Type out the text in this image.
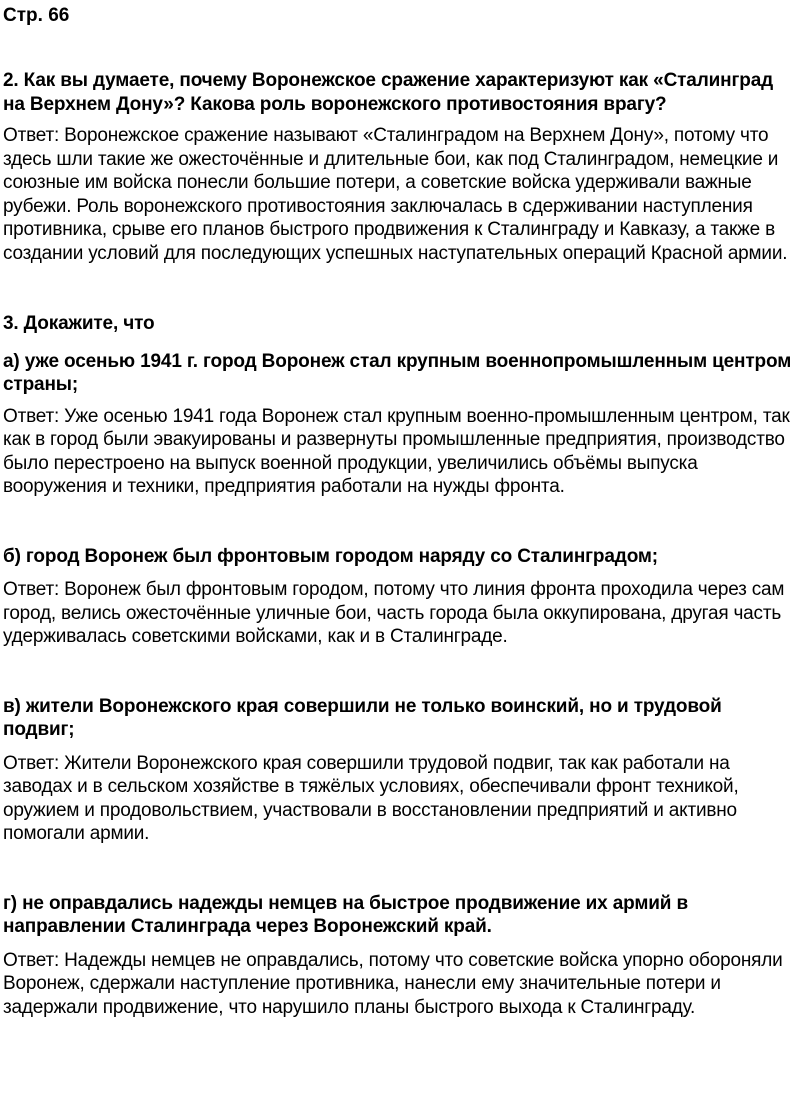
Стр. 66

2. Как вы думаете, почему Воронежское сражение характеризуют как «Сталинград на Верхнем Дону»? Какова роль воронежского противостояния врагу?

Ответ: Воронежское сражение называют «Сталинградом на Верхнем Дону», потому что здесь шли такие же ожесточённые и длительные бои, как под Сталинградом, немецкие и союзные им войска понесли большие потери, а советские войска удерживали важные рубежи. Роль воронежского противостояния заключалась в сдерживании наступления противника, срыве его планов быстрого продвижения к Сталинграду и Кавказу, а также в создании условий для последующих успешных наступательных операций Красной армии.

3. Докажите, что

а) уже осенью 1941 г. город Воронеж стал крупным военнопромышленным центром страны;

Ответ: Уже осенью 1941 года Воронеж стал крупным военно-промышленным центром, так как в город были эвакуированы и развернуты промышленные предприятия, производство было перестроено на выпуск военной продукции, увеличились объёмы выпуска вооружения и техники, предприятия работали на нужды фронта.

б) город Воронеж был фронтовым городом наряду со Сталинградом;

Ответ: Воронеж был фронтовым городом, потому что линия фронта проходила через сам город, велись ожесточённые уличные бои, часть города была оккупирована, другая часть удерживалась советскими войсками, как и в Сталинграде.

в) жители Воронежского края совершили не только воинский, но и трудовой подвиг;

Ответ: Жители Воронежского края совершили трудовой подвиг, так как работали на заводах и в сельском хозяйстве в тяжёлых условиях, обеспечивали фронт техникой, оружием и продовольствием, участвовали в восстановлении предприятий и активно помогали армии.

г) не оправдались надежды немцев на быстрое продвижение их армий в направлении Сталинграда через Воронежский край.

Ответ: Надежды немцев не оправдались, потому что советские войска упорно обороняли Воронеж, сдержали наступление противника, нанесли ему значительные потери и задержали продвижение, что нарушило планы быстрого выхода к Сталинграду.
